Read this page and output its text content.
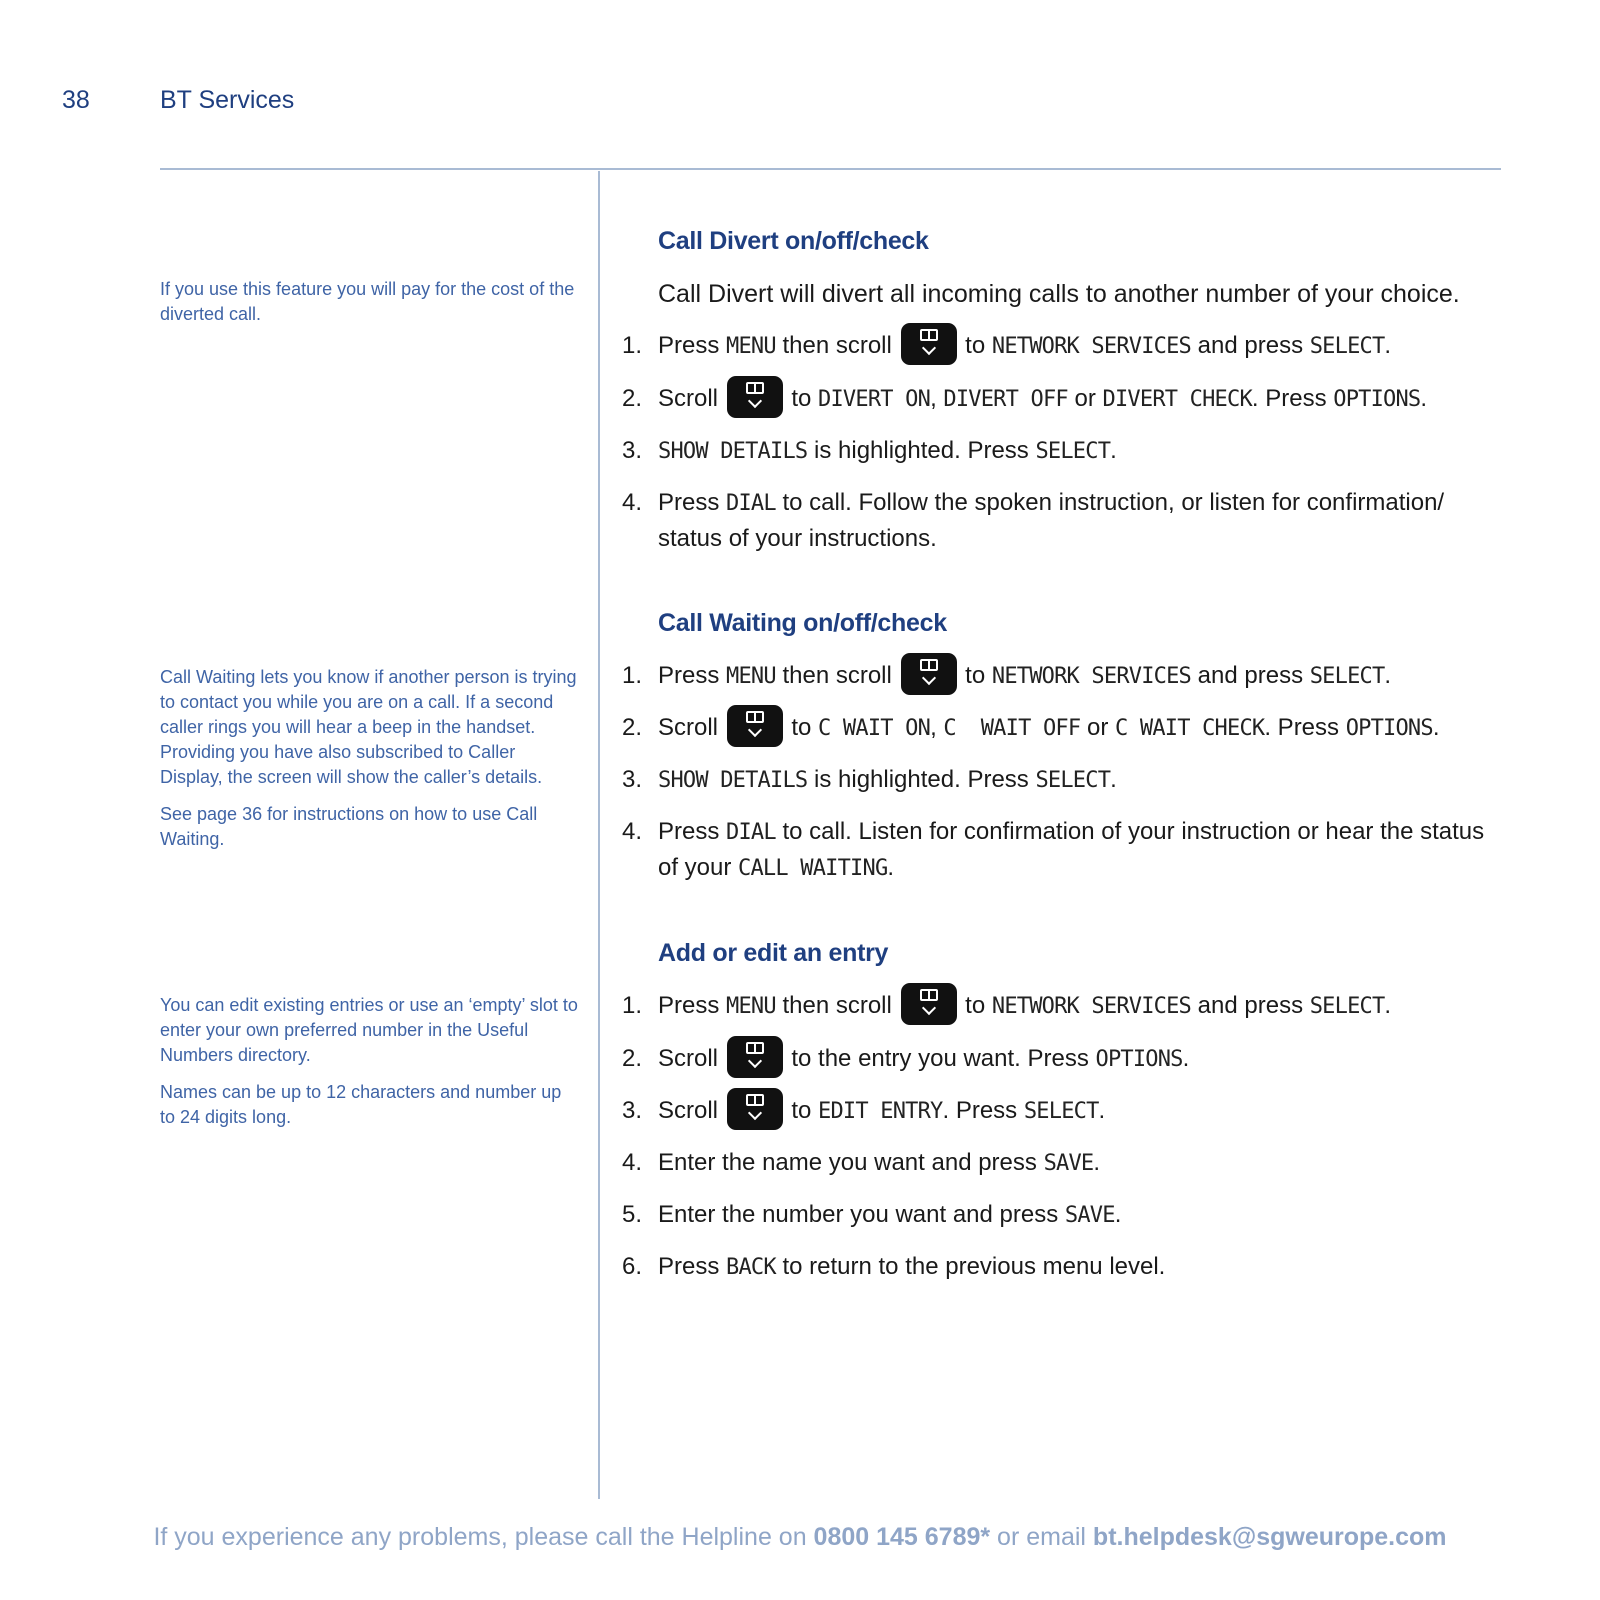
38	BT Services

If you use this feature you will pay for the cost of the diverted call.

Call Waiting lets you know if another person is trying to contact you while you are on a call. If a second caller rings you will hear a beep in the handset. Providing you have also subscribed to Caller Display, the screen will show the caller’s details.

See page 36 for instructions on how to use Call Waiting.

You can edit existing entries or use an ‘empty’ slot to enter your own preferred number in the Useful Numbers directory.

Names can be up to 12 characters and number up to 24 digits long.

Call Divert on/off/check
Call Divert will divert all incoming calls to another number of your choice.
1. Press MENU then scroll	to NETWORK SERVICES and press SELECT.
2. Scroll	to DIVERT ON, DIVERT OFF or DIVERT CHECK. Press OPTIONS.
3. SHOW DETAILS is highlighted. Press SELECT.
4. Press DIAL to call. Follow the spoken instruction, or listen for confirmation/ status of your instructions.
Call Waiting on/off/check
1. Press MENU then scroll	to NETWORK SERVICES and press SELECT.
2. Scroll	to C WAIT ON, C  WAIT OFF or C WAIT CHECK. Press OPTIONS.
3. SHOW DETAILS is highlighted. Press SELECT.
4. Press DIAL to call. Listen for confirmation of your instruction or hear the status of your CALL WAITING.
Add or edit an entry
1. Press MENU then scroll	to NETWORK SERVICES and press SELECT.
2. Scroll	to the entry you want. Press OPTIONS.
3. Scroll	to EDIT ENTRY. Press SELECT.
4. Enter the name you want and press SAVE.
5. Enter the number you want and press SAVE.
6. Press BACK to return to the previous menu level.
If you experience any problems, please call the Helpline on 0800 145 6789* or email bt.helpdesk@sgweurope.com
